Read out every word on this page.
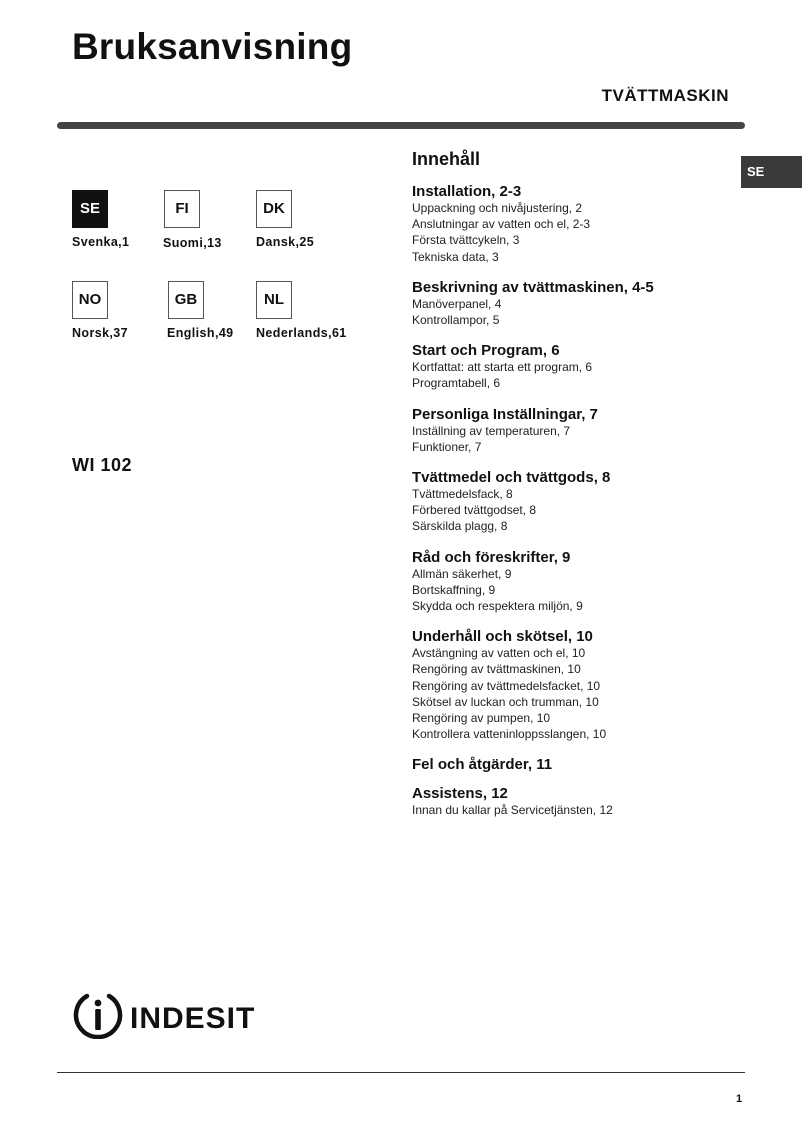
Bruksanvisning
TVÄTTMASKIN
SE
SE
Svenka,1
FI
Suomi,13
DK
Dansk,25
NO
Norsk,37
GB
English,49
NL
Nederlands,61
WI 102
Innehåll
Installation, 2-3
Uppackning och nivåjustering, 2
Anslutningar av vatten och el, 2-3
Första tvättcykeln, 3
Tekniska data, 3
Beskrivning av tvättmaskinen, 4-5
Manöverpanel, 4
Kontrollampor, 5
Start och Program, 6
Kortfattat: att starta ett program, 6
Programtabell, 6
Personliga Inställningar, 7
Inställning av temperaturen, 7
Funktioner, 7
Tvättmedel och tvättgods, 8
Tvättmedelsfack, 8
Förbered tvättgodset, 8
Särskilda plagg, 8
Råd och föreskrifter, 9
Allmän säkerhet, 9
Bortskaffning, 9
Skydda och respektera miljön, 9
Underhåll och skötsel, 10
Avstängning av vatten och el, 10
Rengöring av tvättmaskinen, 10
Rengöring av tvättmedelsfacket, 10
Skötsel av luckan och trumman, 10
Rengöring av pumpen, 10
Kontrollera vatteninloppsslangen, 10
Fel och åtgärder, 11
Assistens, 12
Innan du kallar på Servicetjänsten, 12
INDESIT
1
